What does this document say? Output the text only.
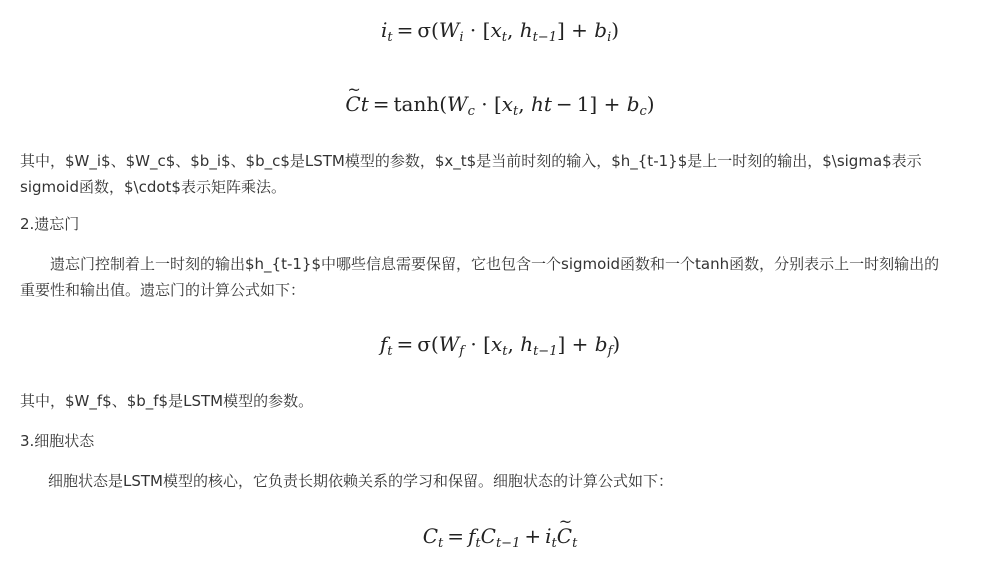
$i_t = \sigma(W_i \cdot [x_t$, $h_{t-1}] + b_i$)
~ $Ct = \tanh(W_c \cdot [x_t$, ht − $1] + b_c$)
其中，$W_i$、$W_c$、$b_i$、$b_c$是LSTM模型的参数，$x_t$是当前时刻的输入，$h_{t-1}$是上一时刻的输出，$\sigma$表示
sigmoid函数，$\cdot$表示矩阵乘法。
2.遗忘门
遗忘门控制着上一时刻的输出$h_{t-1}$中哪些信息需要保留，它也包含一个sigmoid函数和一个tanh函数，分别表示上一时刻输出的
重要性和输出值。遗忘门的计算公式如下：
$f_t = \sigma(W_f \cdot [x_t$, $h_{t-1}] + b_f$)
其中，$W_f$、$b_f$是LSTM模型的参数。
3.细胞状态
细胞状态是LSTM模型的核心，它负责长期依赖关系的学习和保留。细胞状态的计算公式如下：
$C_t = f_tC_{t-1}$ + $i_t\sim$ $C_t$
